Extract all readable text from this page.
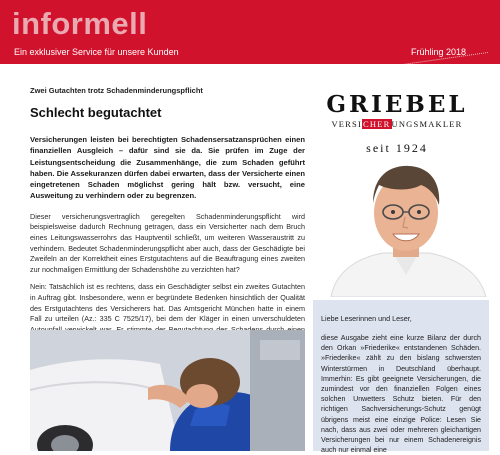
informell
Ein exklusiver Service für unsere Kunden	Frühling 2018

Zwei Gutachten trotz Schadenminderungspflicht

Schlecht begutachtet

Versicherungen leisten bei berechtigten Schadensersatzansprüchen einen finanziellen Ausgleich – dafür sind sie da. Sie prüfen im Zuge der Leistungsentscheidung die Zusammenhänge, die zum Schaden geführt haben. Die Assekuranzen dürfen dabei erwarten, dass der Versicherte einen eingetretenen Schaden möglichst gering hält bzw. versucht, eine Ausweitung zu verhindern oder zu begrenzen.

Dieser versicherungsvertraglich geregelten Schadenminderungspflicht wird beispielsweise dadurch Rechnung getragen, dass ein Versicherter nach dem Bruch eines Leitungswasserrohrs das Hauptventil schließt, um weiteren Wasseraustritt zu verhindern. Bedeutet Schadenminderungspflicht aber auch, dass der Geschädigte bei Zweifeln an der Korrektheit eines Erstgutachtens auf die Beauftragung eines zweiten zur nochmaligen Ermittlung der Schadenshöhe zu verzichten hat?

Nein: Tatsächlich ist es rechtens, dass ein Geschädigter selbst ein zweites Gutachten in Auftrag gibt. Insbesondere, wenn er begründete Bedenken hinsichtlich der Qualität des Erstgutachtens des Versicherers hat. Das Amtsgericht München hatte in einem Fall zu urteilen (Az.: 335 C 7525/17), bei dem der Kläger in einen unverschuldeten

GRIEBEL
VERSICHERUNGSMAKLER
seit 1924

Liebe Leserinnen und Leser,

diese Ausgabe zieht eine kurze Bilanz der durch den Orkan »Friederike« entstandenen Schäden. »Friederike« zählt zu den bislang schwersten Winterstürmen in Deutschland überhaupt. Immerhin: Es gibt geeignete Versicherungen, die zumindest vor den finanziellen Folgen eines solchen Unwetters Schutz bieten. Für den richtigen Sachversicherungs-Schutz genügt übrigens meist eine einzige Police: Lesen Sie nach, dass aus zwei oder mehreren gleichartigen Versicherungen bei nur einem Schadenereignis auch nur einmal eine
